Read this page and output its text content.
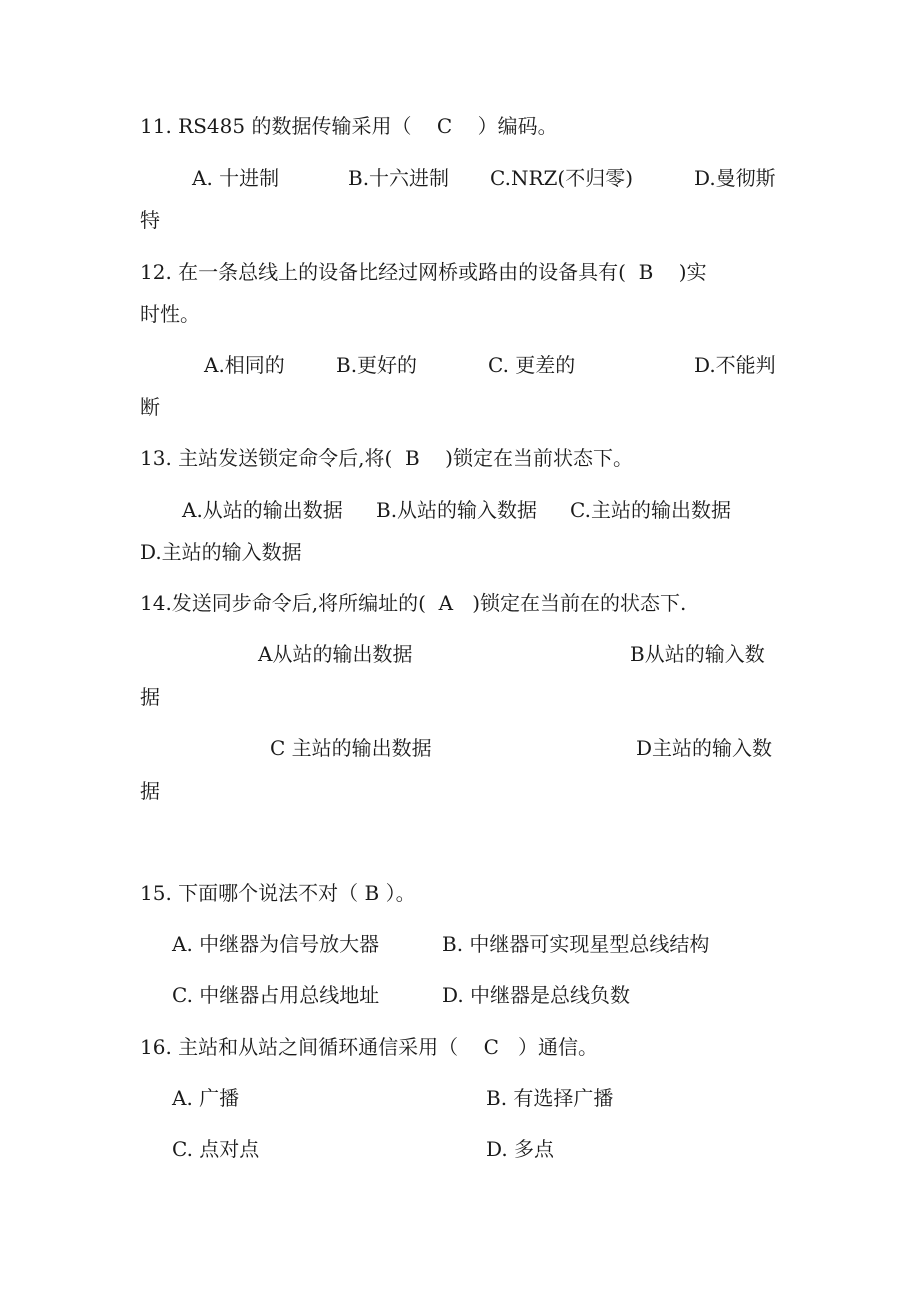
11. RS485 的数据传输采用（    C    ）编码。
A. 十进制	B.十六进制 C.NRZ(不归零)	D.曼彻斯
特
12. 在一条总线上的设备比经过网桥或路由的设备具有(  B    )实
时性。
A.相同的	B.更好的	C. 更差的	D.不能判
断
13. 主站发送锁定命令后,将(  B    )锁定在当前状态下。
A.从站的输出数据 B.从站的输入数据 C.主站的输出数据
D.主站的输入数据
14.发送同步命令后,将所编址的(  A   )锁定在当前在的状态下.
A从站的输出数据	B从站的输入数
据
C 主站的输出数据	D主站的输入数
据
15. 下面哪个说法不对（ B ）。
A. 中继器为信号放大器	B. 中继器可实现星型总线结构
C. 中继器占用总线地址	D. 中继器是总线负数
16. 主站和从站之间循环通信采用（    C   ）通信。
A. 广播	B. 有选择广播
C. 点对点	D. 多点
